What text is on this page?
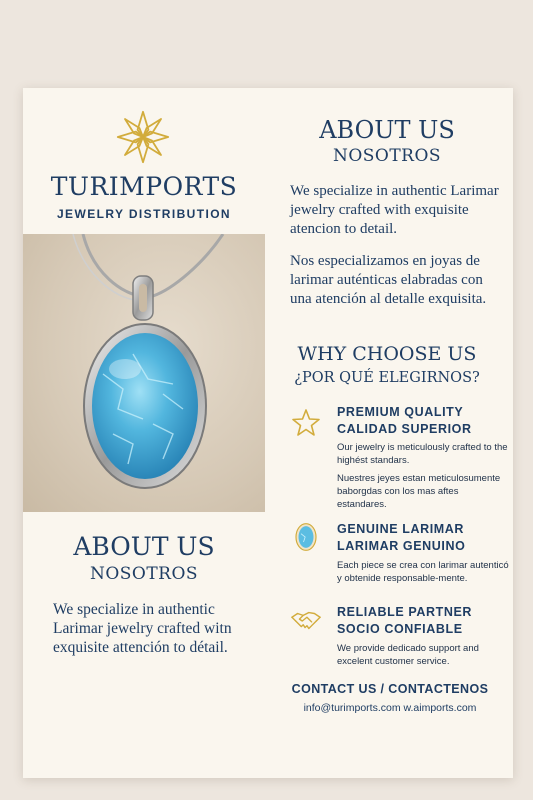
TURIMPORTS
JEWELRY DISTRIBUTION
ABOUT US
NOSOTROS
We specialize in authentic Larimar jewelry crafted witn exquisite attención to détail.
ABOUT US
NOSOTROS
We specialize in authentic Larimar jewelry crafted with exquisite atencion to detail.
Nos especializamos en joyas de larimar auténticas elabradas con una atención al detalle exquisita.
WHY CHOOSE US
¿POR QUÉ ELEGIRNOS?
PREMIUM QUALITY
CALIDAD SUPERIOR
Our jewelry is meticulously crafted to the highést standars.
Nuestres jeyes estan meticulosumente baborgdas con los mas aftes estandares.
GENUINE LARIMAR
LARIMAR GENUINO
Each piece se crea con larimar autenticó y obtenide responsable-mente.
RELIABLE PARTNER
SOCIO CONFIABLE
We provide dedicado support and excelent customer service.
CONTACT US / CONTACTENOS
info@turimports.com w.aimports.com
